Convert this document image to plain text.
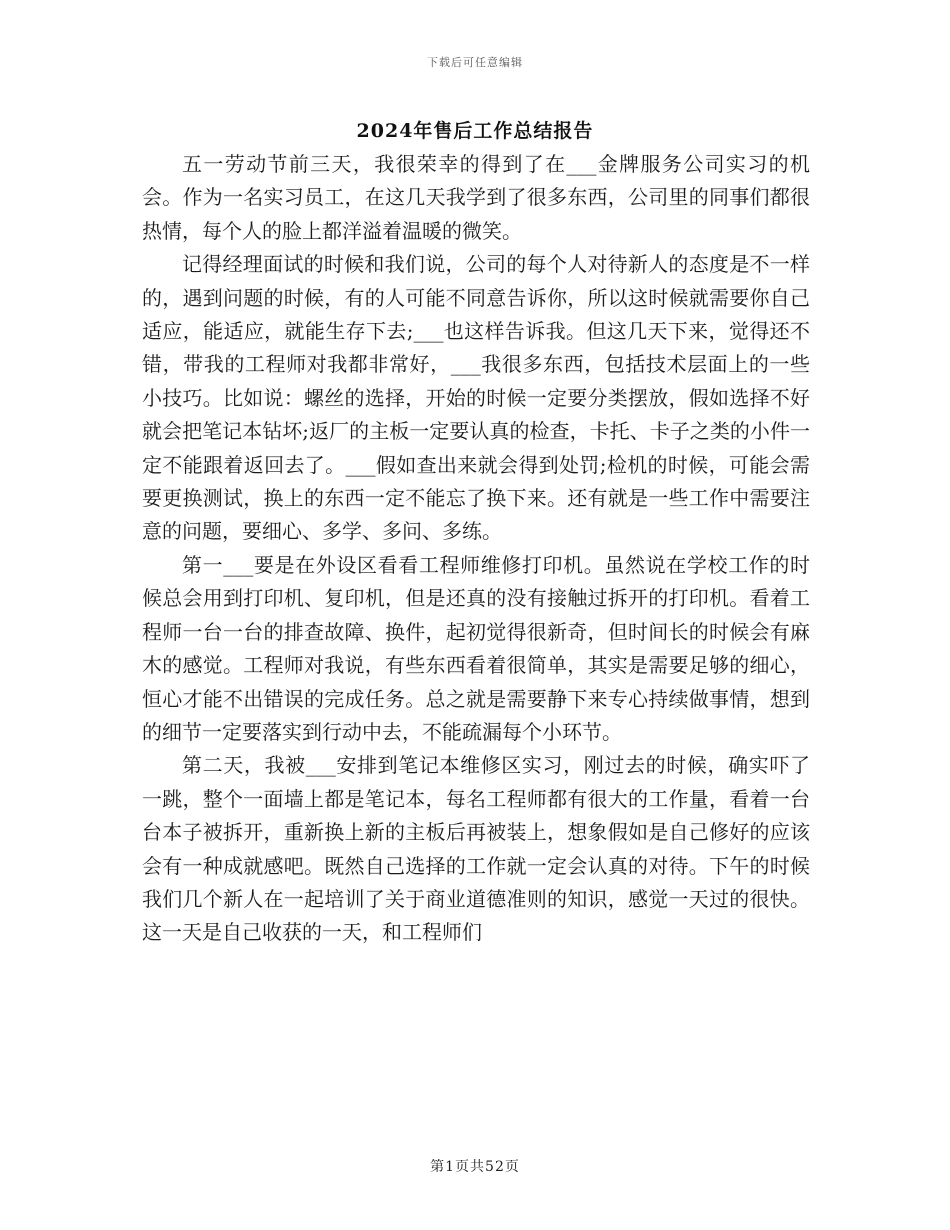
下载后可任意编辑
2024年售后工作总结报告

五一劳动节前三天，我很荣幸的得到了在___金牌服务公司实习的机会。作为一名实习员工，在这几天我学到了很多东西，公司里的同事们都很热情，每个人的脸上都洋溢着温暖的微笑。

记得经理面试的时候和我们说，公司的每个人对待新人的态度是不一样的，遇到问题的时候，有的人可能不同意告诉你，所以这时候就需要你自己适应，能适应，就能生存下去;___也这样告诉我。但这几天下来，觉得还不错，带我的工程师对我都非常好，___我很多东西，包括技术层面上的一些小技巧。比如说：螺丝的选择，开始的时候一定要分类摆放，假如选择不好就会把笔记本钻坏;返厂的主板一定要认真的检查，卡托、卡子之类的小件一定不能跟着返回去了。___假如查出来就会得到处罚;检机的时候，可能会需要更换测试，换上的东西一定不能忘了换下来。还有就是一些工作中需要注意的问题，要细心、多学、多问、多练。

第一___要是在外设区看看工程师维修打印机。虽然说在学校工作的时候总会用到打印机、复印机，但是还真的没有接触过拆开的打印机。看着工程师一台一台的排查故障、换件，起初觉得很新奇，但时间长的时候会有麻木的感觉。工程师对我说，有些东西看着很简单，其实是需要足够的细心，恒心才能不出错误的完成任务。总之就是需要静下来专心持续做事情，想到的细节一定要落实到行动中去，不能疏漏每个小环节。

第二天，我被___安排到笔记本维修区实习，刚过去的时候，确实吓了一跳，整个一面墙上都是笔记本，每名工程师都有很大的工作量，看着一台台本子被拆开，重新换上新的主板后再被装上，想象假如是自己修好的应该会有一种成就感吧。既然自己选择的工作就一定会认真的对待。下午的时候我们几个新人在一起培训了关于商业道德准则的知识，感觉一天过的很快。这一天是自己收获的一天，和工程师们

第1页共52页
